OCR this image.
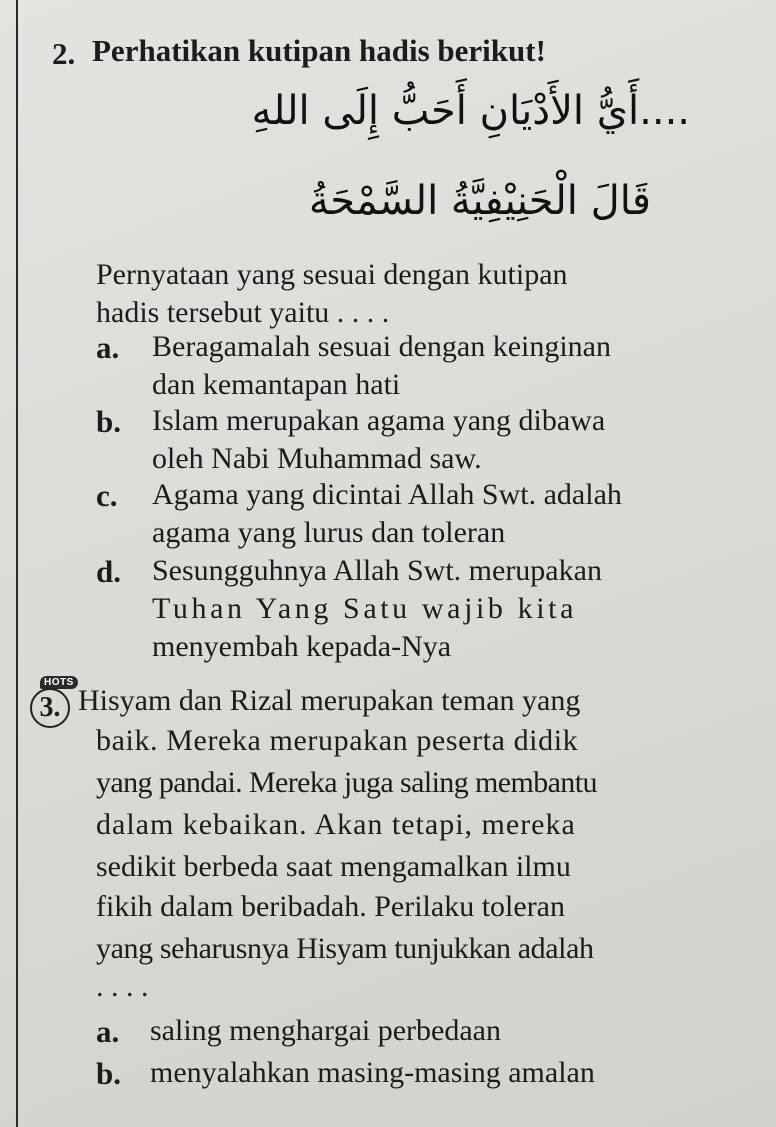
2. Perhatikan kutipan hadis berikut!
....أَيُّ الأَدْيَانِ أَحَبُّ إِلَى اللهِ
قَالَ الْحَنِيْفِيَّةُ السَّمْحَةُ
Pernyataan yang sesuai dengan kutipan
hadis tersebut yaitu . . . .
a. Beragamalah sesuai dengan keinginan
dan kemantapan hati
b. Islam merupakan agama yang dibawa
oleh Nabi Muhammad saw.
c. Agama yang dicintai Allah Swt. adalah
agama yang lurus dan toleran
d. Sesungguhnya Allah Swt. merupakan
Tuhan Yang Satu wajib kita
menyembah kepada-Nya
HOTS
3. Hisyam dan Rizal merupakan teman yang
baik. Mereka merupakan peserta didik
yang pandai. Mereka juga saling membantu
dalam kebaikan. Akan tetapi, mereka
sedikit berbeda saat mengamalkan ilmu
fikih dalam beribadah. Perilaku toleran
yang seharusnya Hisyam tunjukkan adalah
. . . .
a. saling menghargai perbedaan
b. menyalahkan masing-masing amalan
